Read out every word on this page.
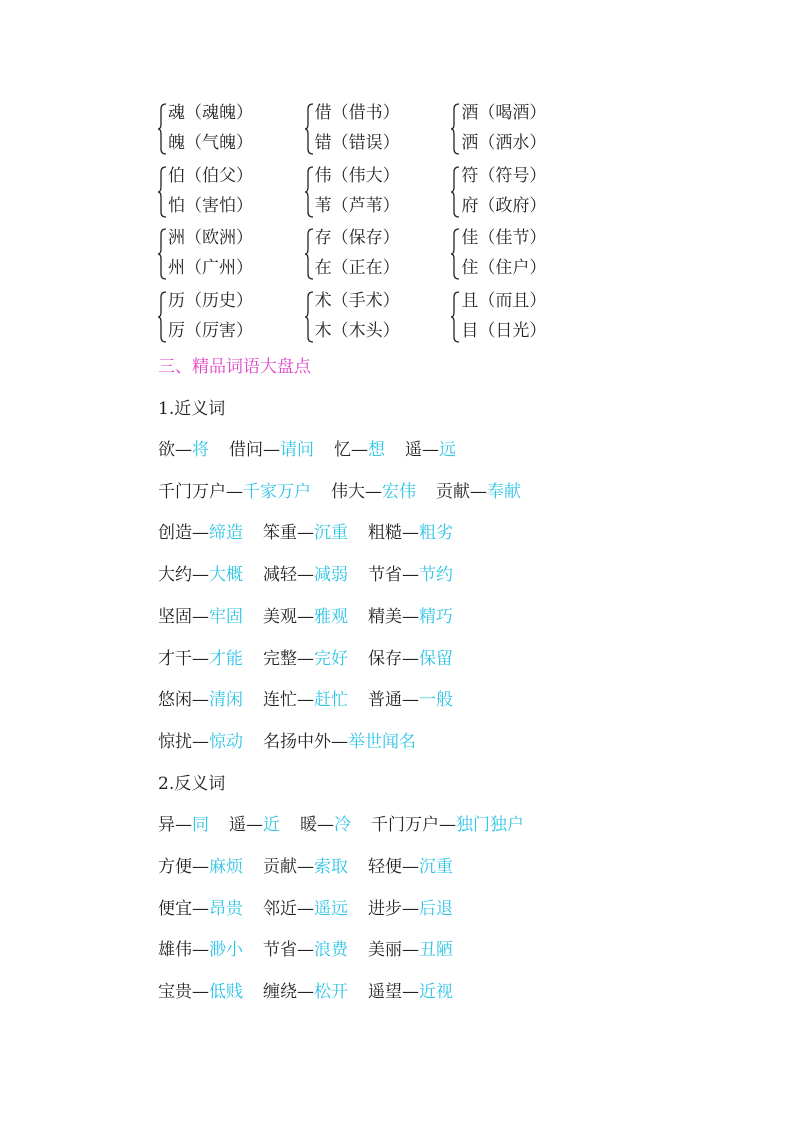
魂（魂魄）
魄（气魄）
借（借书）
错（错误）
酒（喝酒）
洒（洒水）
伯（伯父）
怕（害怕）
伟（伟大）
苇（芦苇）
符（符号）
府（政府）
洲（欧洲）
州（广州）
存（保存）
在（正在）
佳（佳节）
住（住户）
历（历史）
厉（厉害）
术（手术）
木（木头）
且（而且）
目（日光）
三、精品词语大盘点
1.近义词
欲 — 将 借问 — 请问 忆 — 想 遥 — 远
千门万户 — 千家万户 伟大 — 宏伟 贡献 — 奉献
创造 — 缔造 笨重 — 沉重 粗糙 — 粗劣
大约 — 大概 减轻 — 减弱 节省 — 节约
坚固 — 牢固 美观 — 雅观 精美 — 精巧
才干 — 才能 完整 — 完好 保存 — 保留
悠闲 — 清闲 连忙 — 赶忙 普通 — 一般
惊扰 — 惊动 名扬中外 — 举世闻名
2.反义词
异 — 同 遥 — 近 暖 — 冷 千门万户 — 独门独户
方便 — 麻烦 贡献 — 索取 轻便 — 沉重
便宜 — 昂贵 邻近 — 遥远 进步 — 后退
雄伟 — 渺小 节省 — 浪费 美丽 — 丑陋
宝贵 — 低贱 缠绕 — 松开 遥望 — 近视
